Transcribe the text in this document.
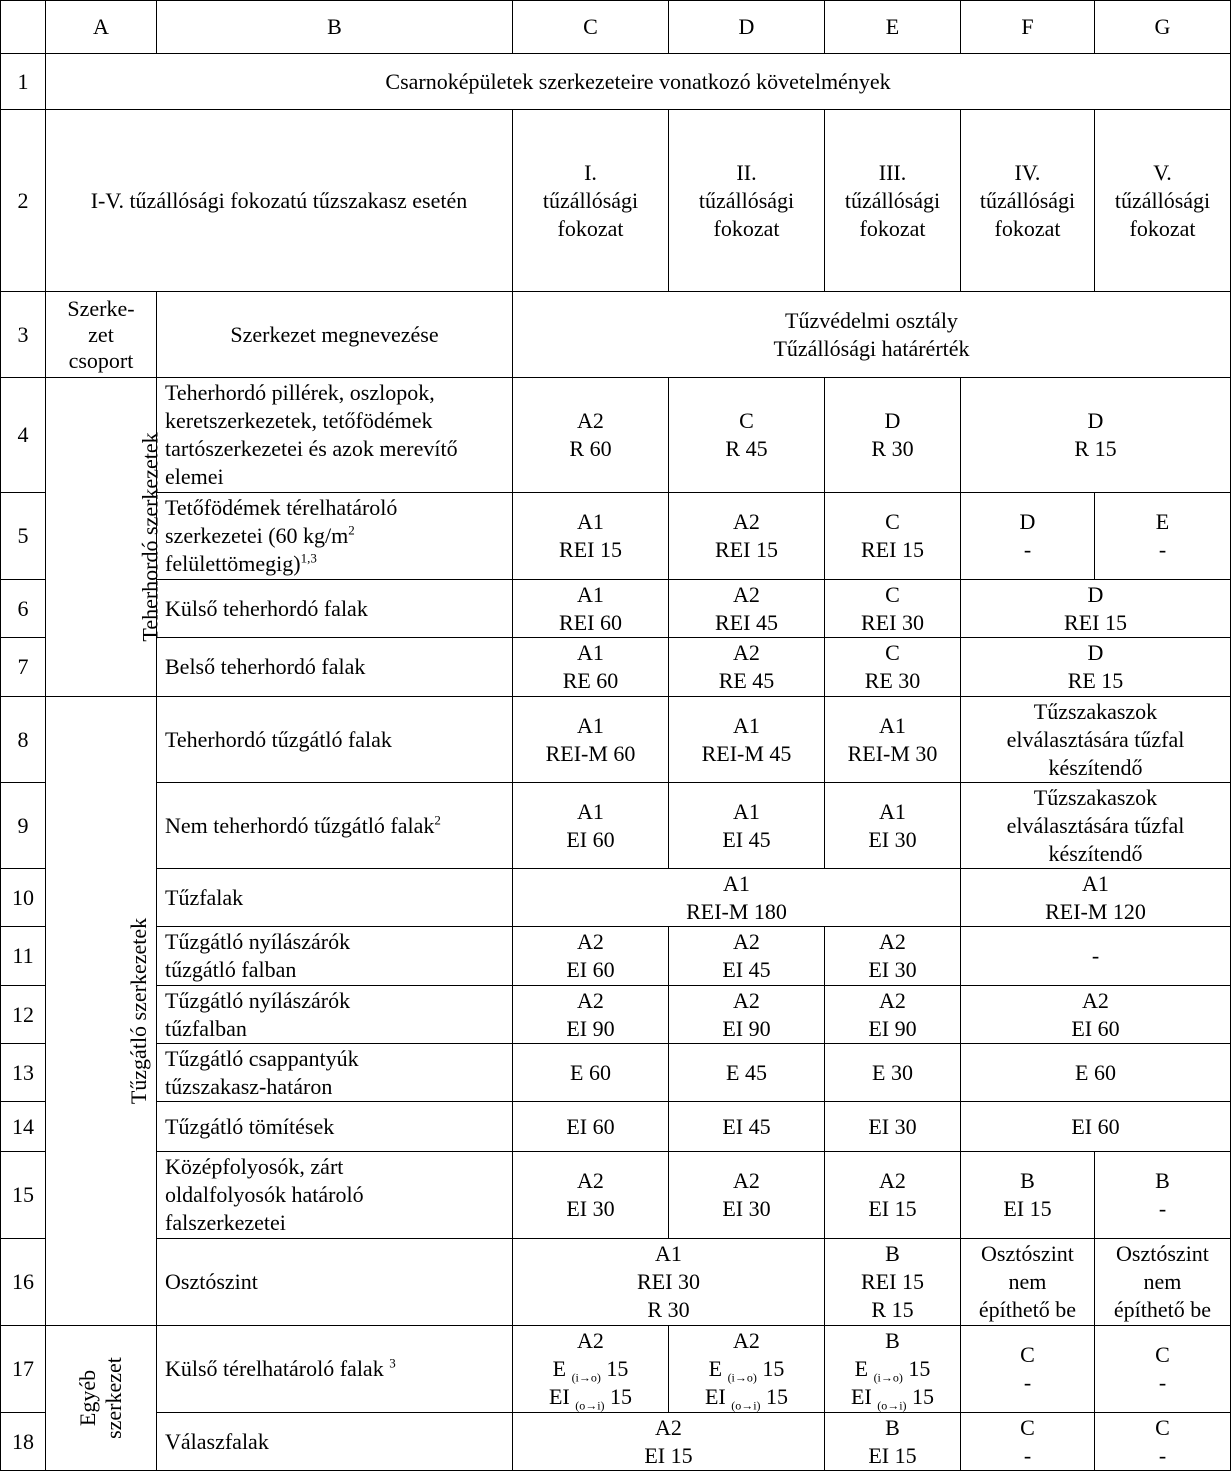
	A	B	C	D	E	F	G
1	Csarnoképületek szerkezeteire vonatkozó követelmények						
2	I-V. tűzállósági fokozatú tűzszakasz esetén		I.
tűzállósági
fokozat	II.
tűzállósági
fokozat	III.
tűzállósági
fokozat	IV.
tűzállósági
fokozat	V.
tűzállósági
fokozat

3	Szerke-
zet
csoport	Szerkezet megnevezése	Tűzvédelmi osztály
Tűzállósági határérték				

4	Teherhordó szerkezetek	Teherhordó pillérek, oszlopok,
keretszerkezetek, tetőfödémek
tartószerkezetei és azok merevítő
elemei	A2
R 60	C
R 45	D
R 30	D
R 15	

5		Tetőfödémek térelhatároló
szerkezetei (60 $kg/m^2$
felülettömegig)$^{1,3}$	A1
REI 15	A2
REI 15	C
REI 15	D
-	E
-

6		Külső teherhordó falak	A1
REI 60	A2
REI 45	C
REI 30	D
REI 15	

7		Belső teherhordó falak	A1
RE 60	A2
RE 45	C
RE 30	D
RE 15	

8	Tűzgátló szerkezetek	Teherhordó tűzgátló falak	A1
REI-M 60	A1
REI-M 45	A1
REI-M 30	Tűzszakaszok
elválasztására tűzfal
készítendő	

9		Nem teherhordó tűzgátló falak$^2$	A1
EI 60	A1
EI 45	A1
EI 30	Tűzszakaszok
elválasztására tűzfal
készítendő	

10		Tűzfalak	A1
REI-M 180			A1
REI-M 120	

11		Tűzgátló nyílászárók
tűzgátló falban	A2
EI 60	A2
EI 45	A2
EI 30	-	
12		Tűzgátló nyílászárók
tűzfalban	A2
EI 90	A2
EI 90	A2
EI 90	A2
EI 60	

13		Tűzgátló csappantyúk
tűzszakasz-határon	E 60	E 45	E 30	E 60	
14		Tűzgátló tömítések	EI 60	EI 45	EI 30	EI 60	
15		Középfolyosók, zárt
oldalfolyosók határoló
falszerkezetei	A2
EI 30	A2
EI 30	A2
EI 15	B
EI 15	B
-

16		Osztószint	A1
REI 30
R 30		B
REI 15
R 15	Osztószint
nem
építhető be	Osztószint
nem
építhető be

17	Egyéb szerkezet	Külső térelhatároló falak $^3$	A2
E $_{(i\to o)}$ 15
EI $_{(o\to i)}$ 15	A2
E $_{(i\to o)}$ 15
EI $_{(o\to i)}$ 15	B
E $_{(i\to o)}$ 15
EI $_{(o\to i)}$ 15	C
-	C
-

18		Válaszfalak	A2
EI 15		B
EI 15	C
-	C
-
